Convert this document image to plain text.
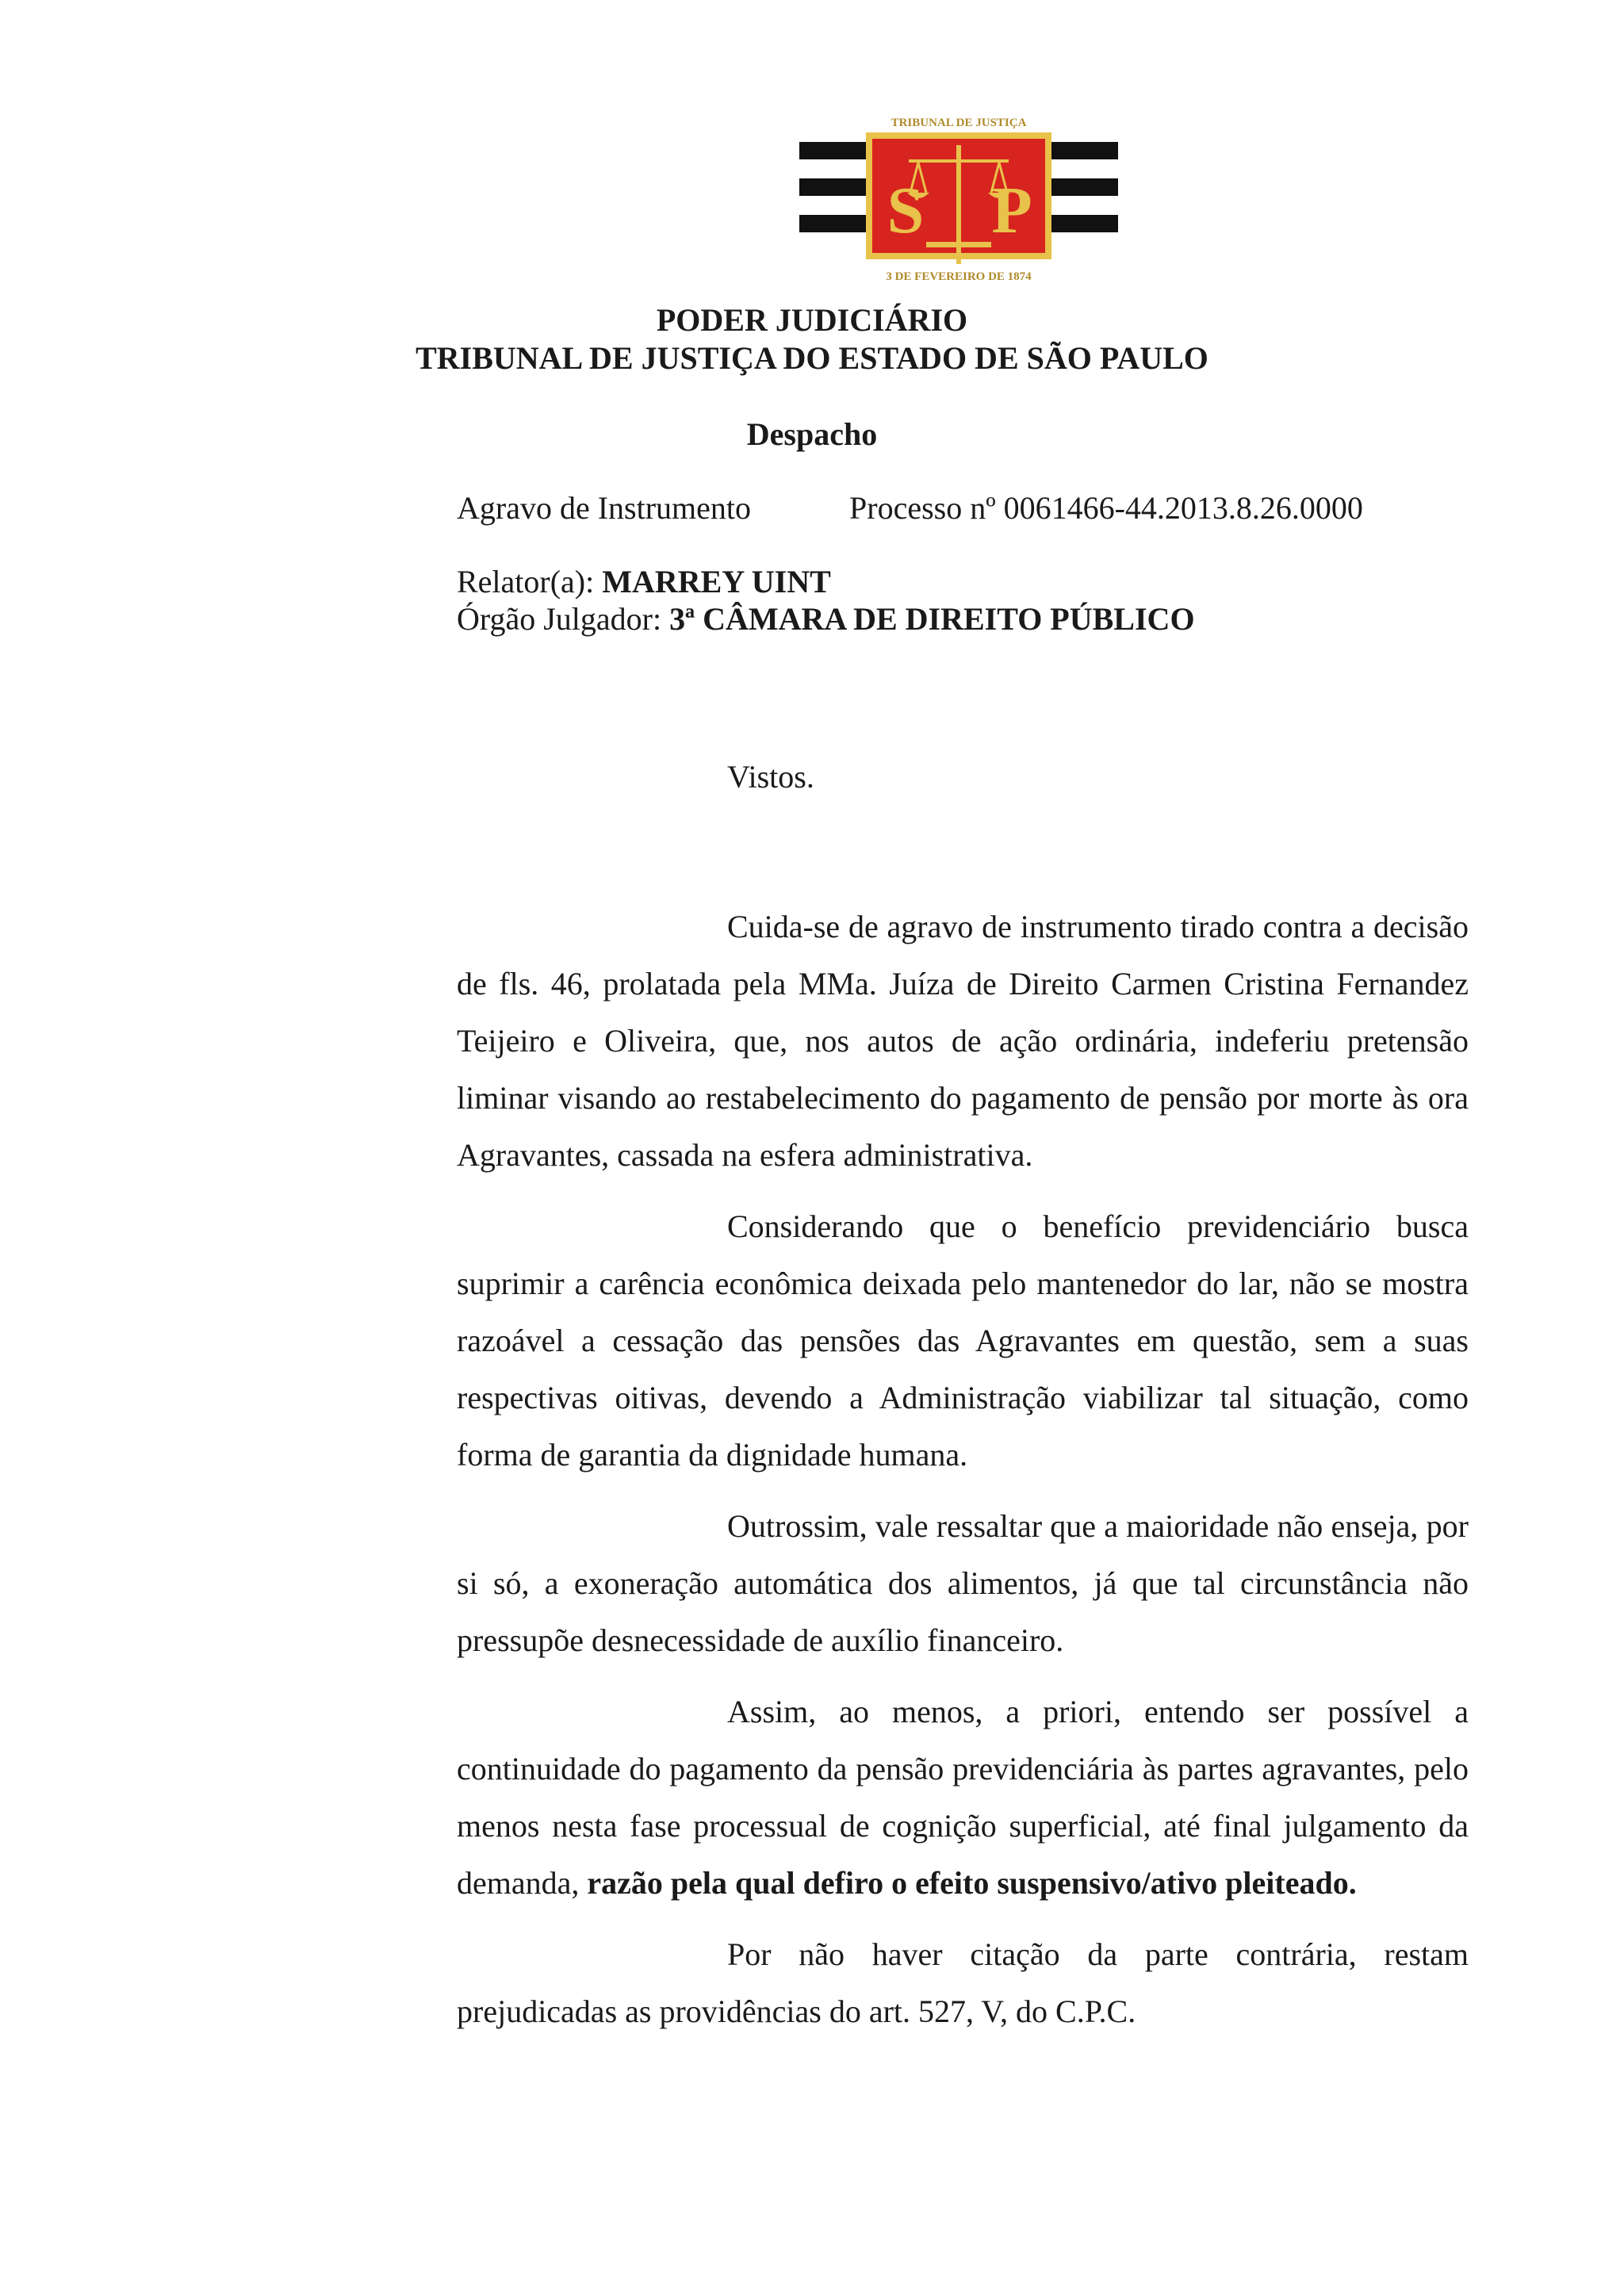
S P
TRIBUNAL DE JUSTIÇA
3 DE FEVEREIRO DE 1874
PODER JUDICIÁRIO
TRIBUNAL DE JUSTIÇA DO ESTADO DE SÃO PAULO
Despacho
Agravo de Instrumento	Processo nº 0061466-44.2013.8.26.0000
Relator(a): MARREY UINT
Órgão Julgador: 3ª CÂMARA DE DIREITO PÚBLICO
Vistos.

Cuida-se de agravo de instrumento tirado contra a decisão de fls. 46, prolatada pela MMa. Juíza de Direito Carmen Cristina Fernandez Teijeiro e Oliveira, que, nos autos de ação ordinária, indeferiu pretensão liminar visando ao restabelecimento do pagamento de pensão por morte às ora Agravantes, cassada na esfera administrativa.

Considerando que o benefício previdenciário busca suprimir a carência econômica deixada pelo mantenedor do lar, não se mostra razoável a cessação das pensões das Agravantes em questão, sem a suas respectivas oitivas, devendo a Administração viabilizar tal situação, como forma de garantia da dignidade humana.

Outrossim, vale ressaltar que a maioridade não enseja, por si só, a exoneração automática dos alimentos, já que tal circunstância não pressupõe desnecessidade de auxílio financeiro.

Assim, ao menos, a priori, entendo ser possível a continuidade do pagamento da pensão previdenciária às partes agravantes, pelo menos nesta fase processual de cognição superficial, até final julgamento da demanda, razão pela qual defiro o efeito suspensivo/ativo pleiteado.

Por não haver citação da parte contrária, restam prejudicadas as providências do art. 527, V, do C.P.C.
